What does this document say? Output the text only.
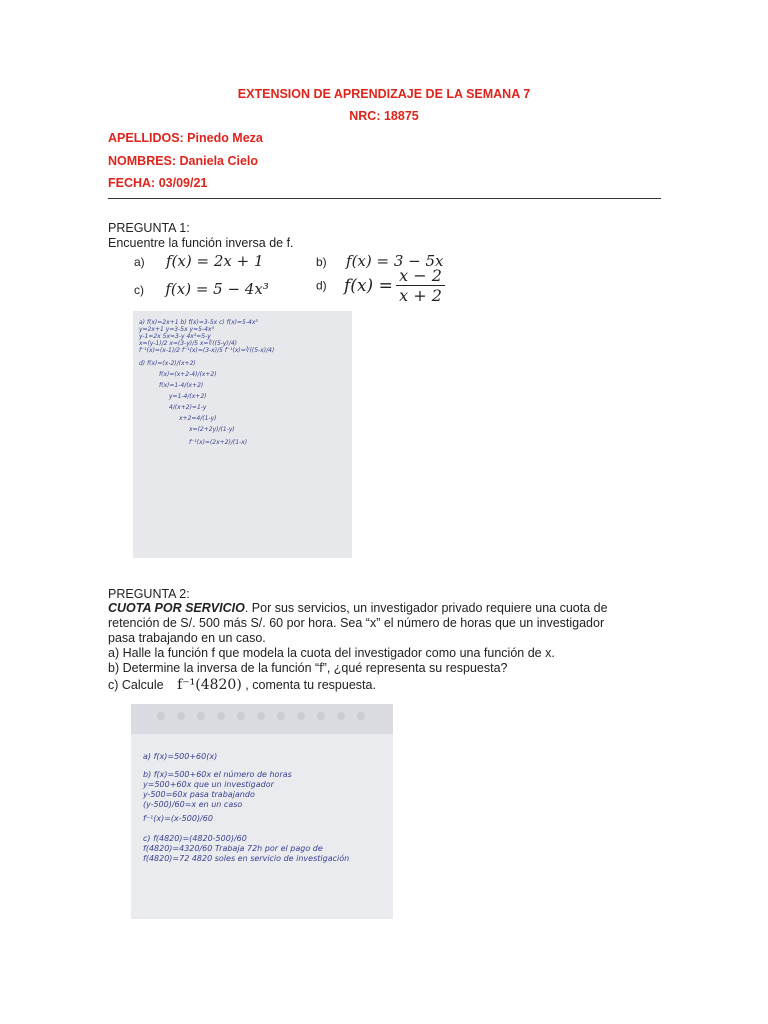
EXTENSION DE APRENDIZAJE DE LA SEMANA 7
NRC: 18875
APELLIDOS: Pinedo Meza
NOMBRES: Daniela Cielo
FECHA: 03/09/21
PREGUNTA 1:
Encuentre la función inversa de f.
a) f(x) = 2x + 1	b) f(x) = 3 − 5x
c) f(x) = 5 − 4x³	d) $f(x) = \frac{x - 2}{x + 2}$
a) f(x)=2x+1 b) f(x)=3-5x c) f(x)=5-4x³
y=2x+1 y=3-5x y=5-4x³
y-1=2x 5x=3-y 4x³=5-y
x=(y-1)/2 x=(3-y)/5 x=∛((5-y)/4)
f⁻¹(x)=(x-1)/2 f⁻¹(x)=(3-x)/5 f⁻¹(x)=∛((5-x)/4)
d) f(x)=(x-2)/(x+2)
f(x)=(x+2-4)/(x+2)
f(x)=1-4/(x+2)
y=1-4/(x+2)
4/(x+2)=1-y
x+2=4/(1-y)
x=(2+2y)/(1-y)
f⁻¹(x)=(2x+2)/(1-x)
PREGUNTA 2:
CUOTA POR SERVICIO. Por sus servicios, un investigador privado requiere una cuota de
retención de S/. 500 más S/. 60 por hora. Sea “x” el número de horas que un investigador
pasa trabajando en un caso.
a) Halle la función f que modela la cuota del investigador como una función de x.
b) Determine la inversa de la función “f”, ¿qué representa su respuesta?
c) Calcule f⁻¹(4820) , comenta tu respuesta.
a) f(x)=500+60(x)
b) f(x)=500+60x el número de horas
y=500+60x que un investigador
y-500=60x pasa trabajando
(y-500)/60=x en un caso
f⁻¹(x)=(x-500)/60
c) f(4820)=(4820-500)/60
f(4820)=4320/60 Trabaja 72h por el pago de
f(4820)=72 4820 soles en servicio de investigación
